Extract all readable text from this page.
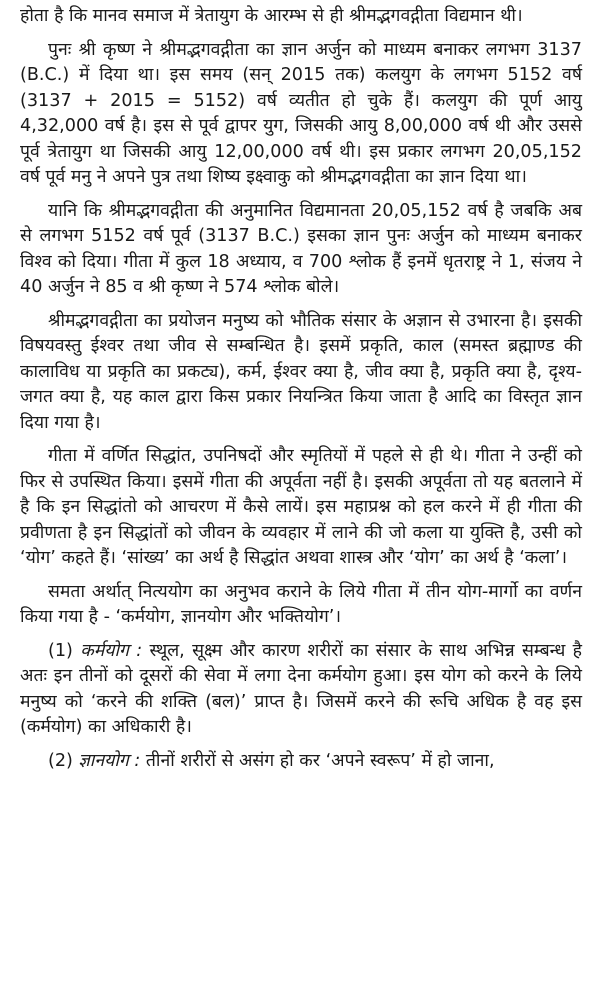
होता है कि मानव समाज में त्रेतायुग के आरम्भ से ही श्रीमद्भगवद्गीता विद्यमान थी।

पुनः श्री कृष्ण ने श्रीमद्भगवद्गीता का ज्ञान अर्जुन को माध्यम बनाकर लगभग 3137 (B.C.) में दिया था। इस समय (सन् 2015 तक) कलयुग के लगभग 5152 वर्ष (3137 + 2015 = 5152) वर्ष व्यतीत हो चुके हैं। कलयुग की पूर्ण आयु 4,32,000 वर्ष है। इस से पूर्व द्वापर युग, जिसकी आयु 8,00,000 वर्ष थी और उससे पूर्व त्रेतायुग था जिसकी आयु 12,00,000 वर्ष थी। इस प्रकार लगभग 20,05,152 वर्ष पूर्व मनु ने अपने पुत्र तथा शिष्य इक्ष्वाकु को श्रीमद्भगवद्गीता का ज्ञान दिया था।

यानि कि श्रीमद्भगवद्गीता की अनुमानित विद्यमानता 20,05,152 वर्ष है जबकि अब से लगभग 5152 वर्ष पूर्व (3137 B.C.) इसका ज्ञान पुनः अर्जुन को माध्यम बनाकर विश्व को दिया। गीता में कुल 18 अध्याय, व 700 श्लोक हैं इनमें धृतराष्ट्र ने 1, संजय ने 40 अर्जुन ने 85 व श्री कृष्ण ने 574 श्लोक बोले।

श्रीमद्भगवद्गीता का प्रयोजन मनुष्य को भौतिक संसार के अज्ञान से उभारना है। इसकी विषयवस्तु ईश्वर तथा जीव से सम्बन्धित है। इसमें प्रकृति, काल (समस्त ब्रह्माण्ड की कालाविध या प्रकृति का प्रकट्य), कर्म, ईश्वर क्या है, जीव क्या है, प्रकृति क्या है, दृश्य-जगत क्या है, यह काल द्वारा किस प्रकार नियन्त्रित किया जाता है आदि का विस्तृत ज्ञान दिया गया है।

गीता में वर्णित सिद्धांत, उपनिषदों और स्मृतियों में पहले से ही थे। गीता ने उन्हीं को फिर से उपस्थित किया। इसमें गीता की अपूर्वता नहीं है। इसकी अपूर्वता तो यह बतलाने में है कि इन सिद्धांतो को आचरण में कैसे लायें। इस महाप्रश्न को हल करने में ही गीता की प्रवीणता है इन सिद्धांतों को जीवन के व्यवहार में लाने की जो कला या युक्ति है, उसी को ‘योग’ कहते हैं। ‘सांख्य’ का अर्थ है सिद्धांत अथवा शास्त्र और ‘योग’ का अर्थ है ‘कला’।

समता अर्थात् नित्ययोग का अनुभव कराने के लिये गीता में तीन योग-मार्गो का वर्णन किया गया है - ‘कर्मयोग, ज्ञानयोग और भक्तियोग’।

(1) कर्मयोग : स्थूल, सूक्ष्म और कारण शरीरों का संसार के साथ अभिन्न सम्बन्ध है अतः इन तीनों को दूसरों की सेवा में लगा देना कर्मयोग हुआ। इस योग को करने के लिये मनुष्य को ‘करने की शक्ति (बल)’ प्राप्त है। जिसमें करने की रूचि अधिक है वह इस (कर्मयोग) का अधिकारी है।

(2) ज्ञानयोग : तीनों शरीरों से असंग हो कर ‘अपने स्वरूप’ में हो जाना,
